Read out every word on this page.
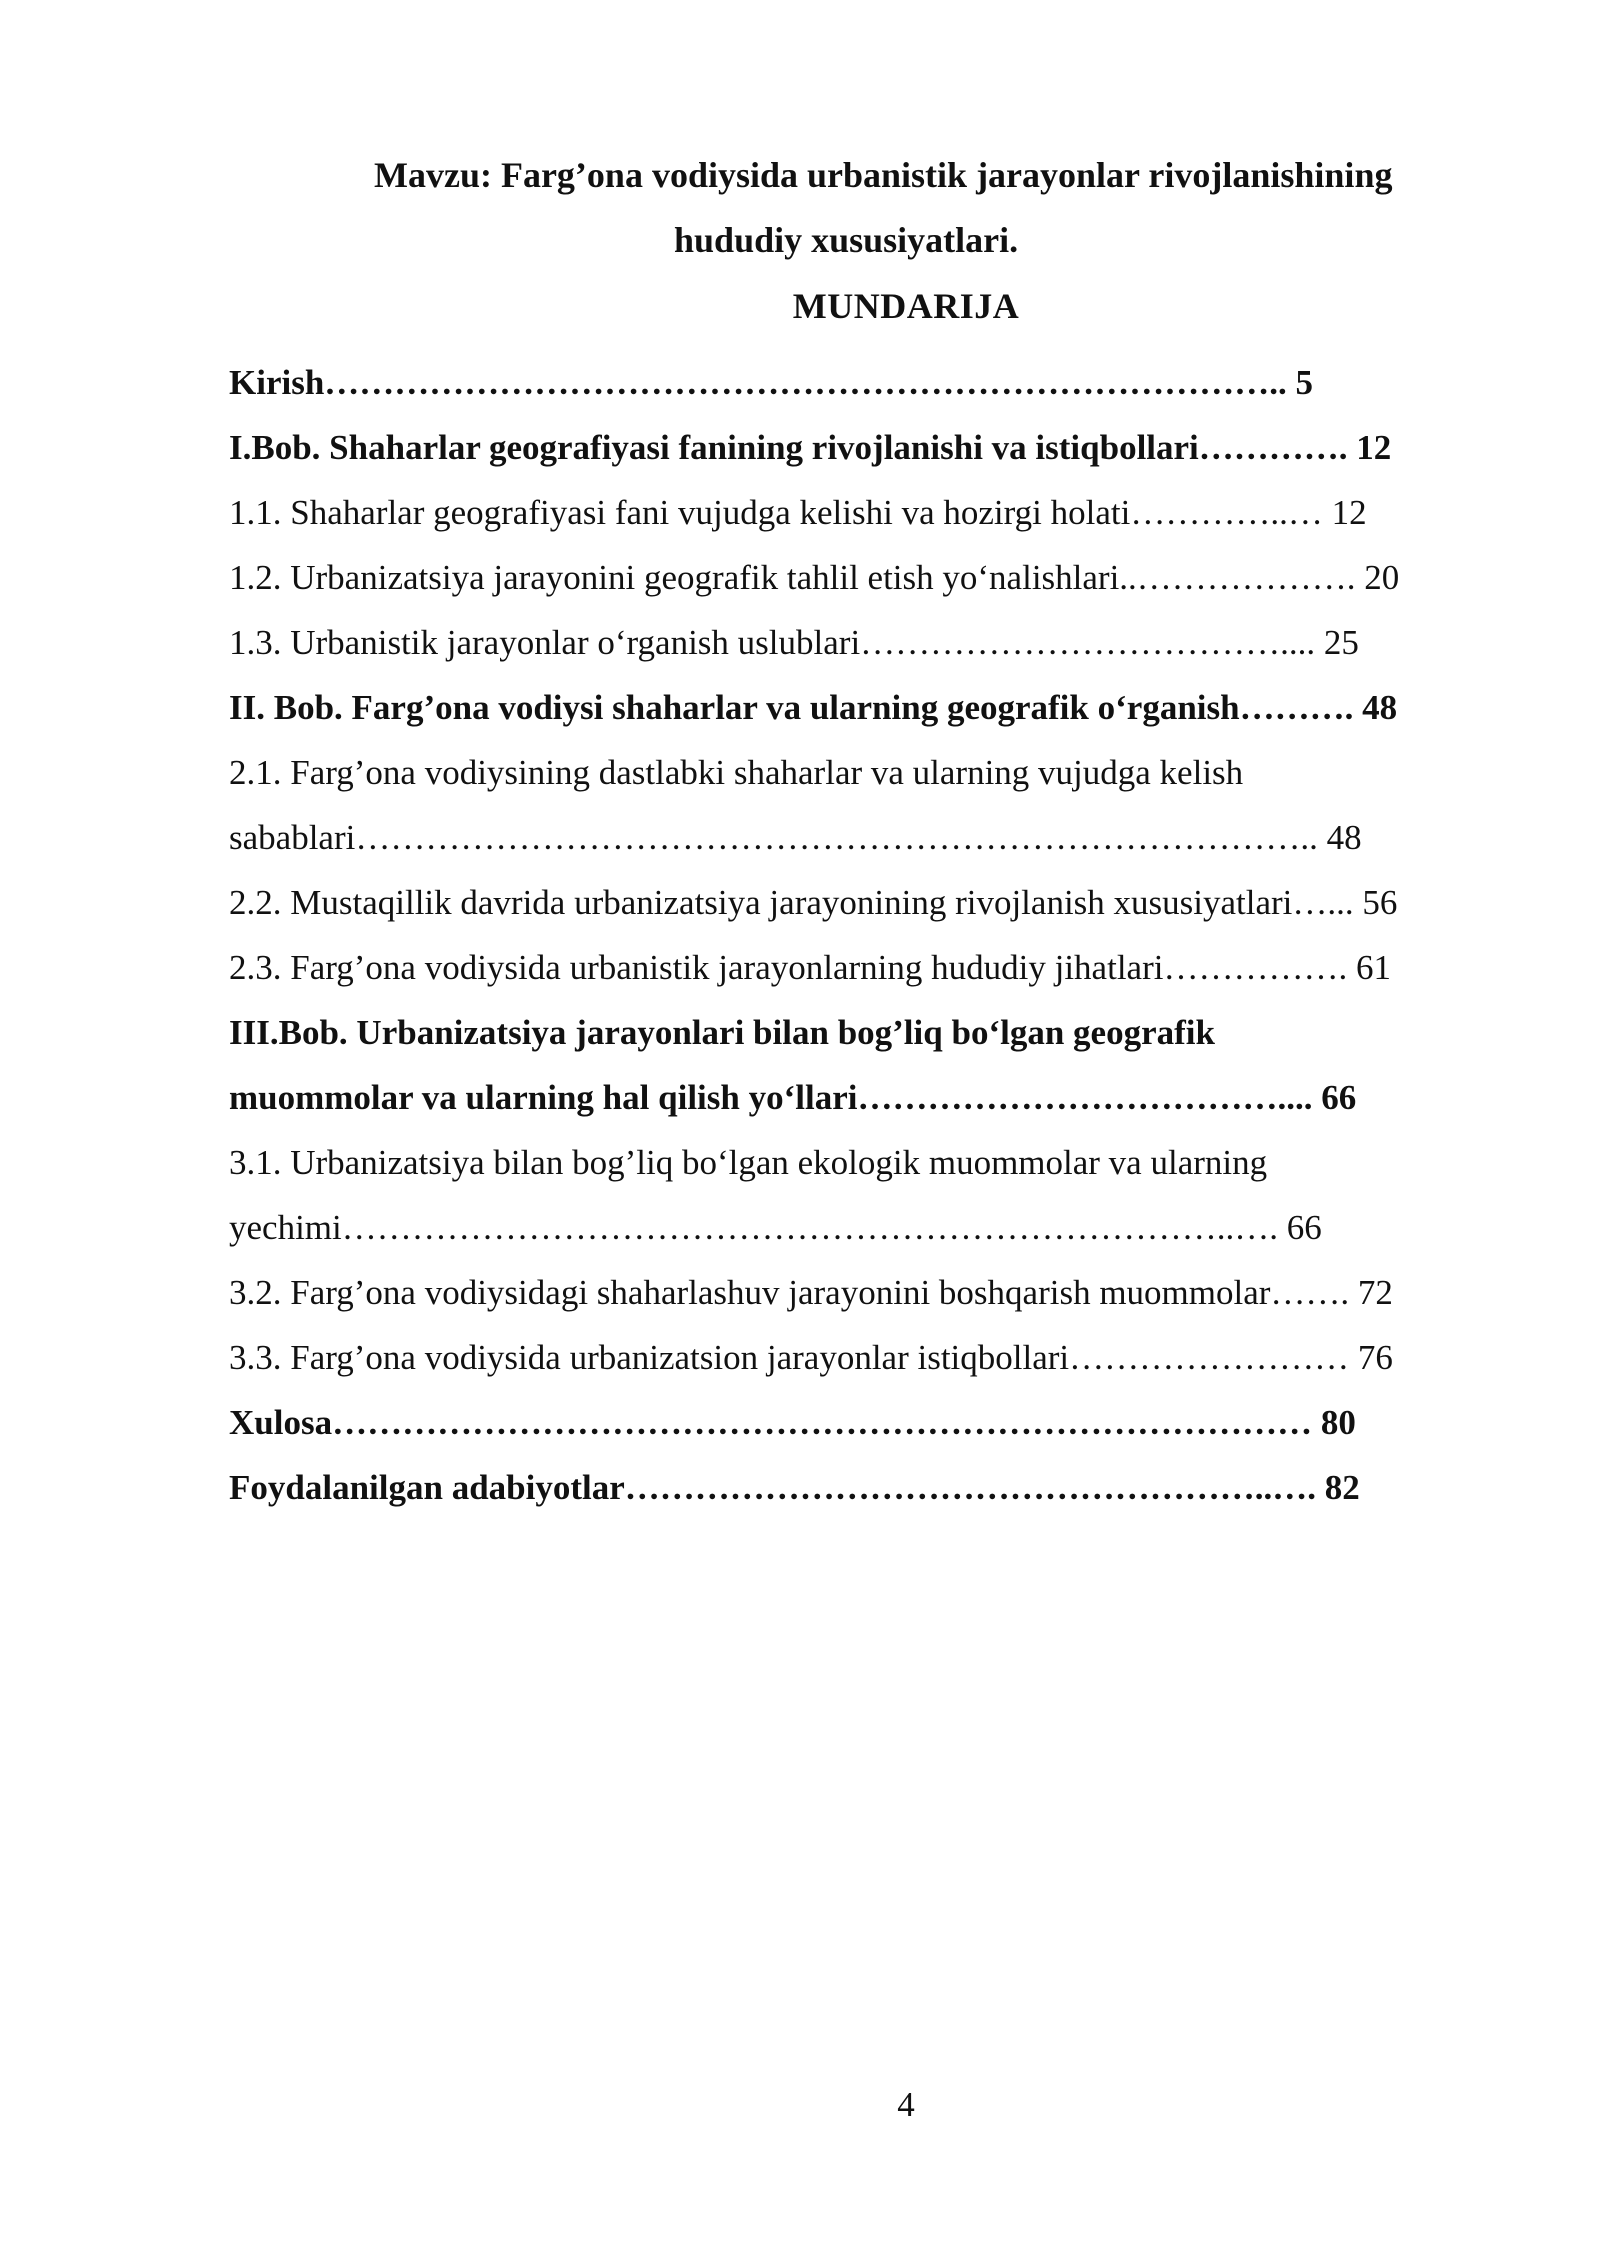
Mavzu: Farg’ona vodiysida urbanistik jarayonlar rivojlanishining
hududiy xususiyatlari.
MUNDARIJA
Kirish……………………………………………………………………….. 5
I.Bob. Shaharlar geografiyasi fanining rivojlanishi va istiqbollari…………. 12
1.1. Shaharlar geografiyasi fani vujudga kelishi va hozirgi holati…………..… 12
1.2. Urbanizatsiya jarayonini geografik tahlil etish yo‘nalishlari..………………. 20
1.3. Urbanistik jarayonlar o‘rganish uslublari……………………………….... 25
II. Bob. Farg’ona vodiysi shaharlar va ularning geografik o‘rganish………. 48
2.1. Farg’ona vodiysining dastlabki shaharlar va ularning vujudga kelish
sabablari……………………………………………………………………….. 48
2.2. Mustaqillik davrida urbanizatsiya jarayonining rivojlanish xususiyatlari…... 56
2.3. Farg’ona vodiysida urbanistik jarayonlarning hududiy jihatlari……………. 61
III.Bob. Urbanizatsiya jarayonlari bilan bog’liq bo‘lgan geografik
muommolar va ularning hal qilish yo‘llari……………………………….... 66
3.1. Urbanizatsiya bilan bog’liq bo‘lgan ekologik muommolar va ularning
yechimi…………………………………………………………………..…. 66
3.2. Farg’ona vodiysidagi shaharlashuv jarayonini boshqarish muommolar……. 72
3.3. Farg’ona vodiysida urbanizatsion jarayonlar istiqbollari…………………… 76
Xulosa………………………………………………………………………… 80
Foydalanilgan adabiyotlar………………………………………………..…. 82
4
